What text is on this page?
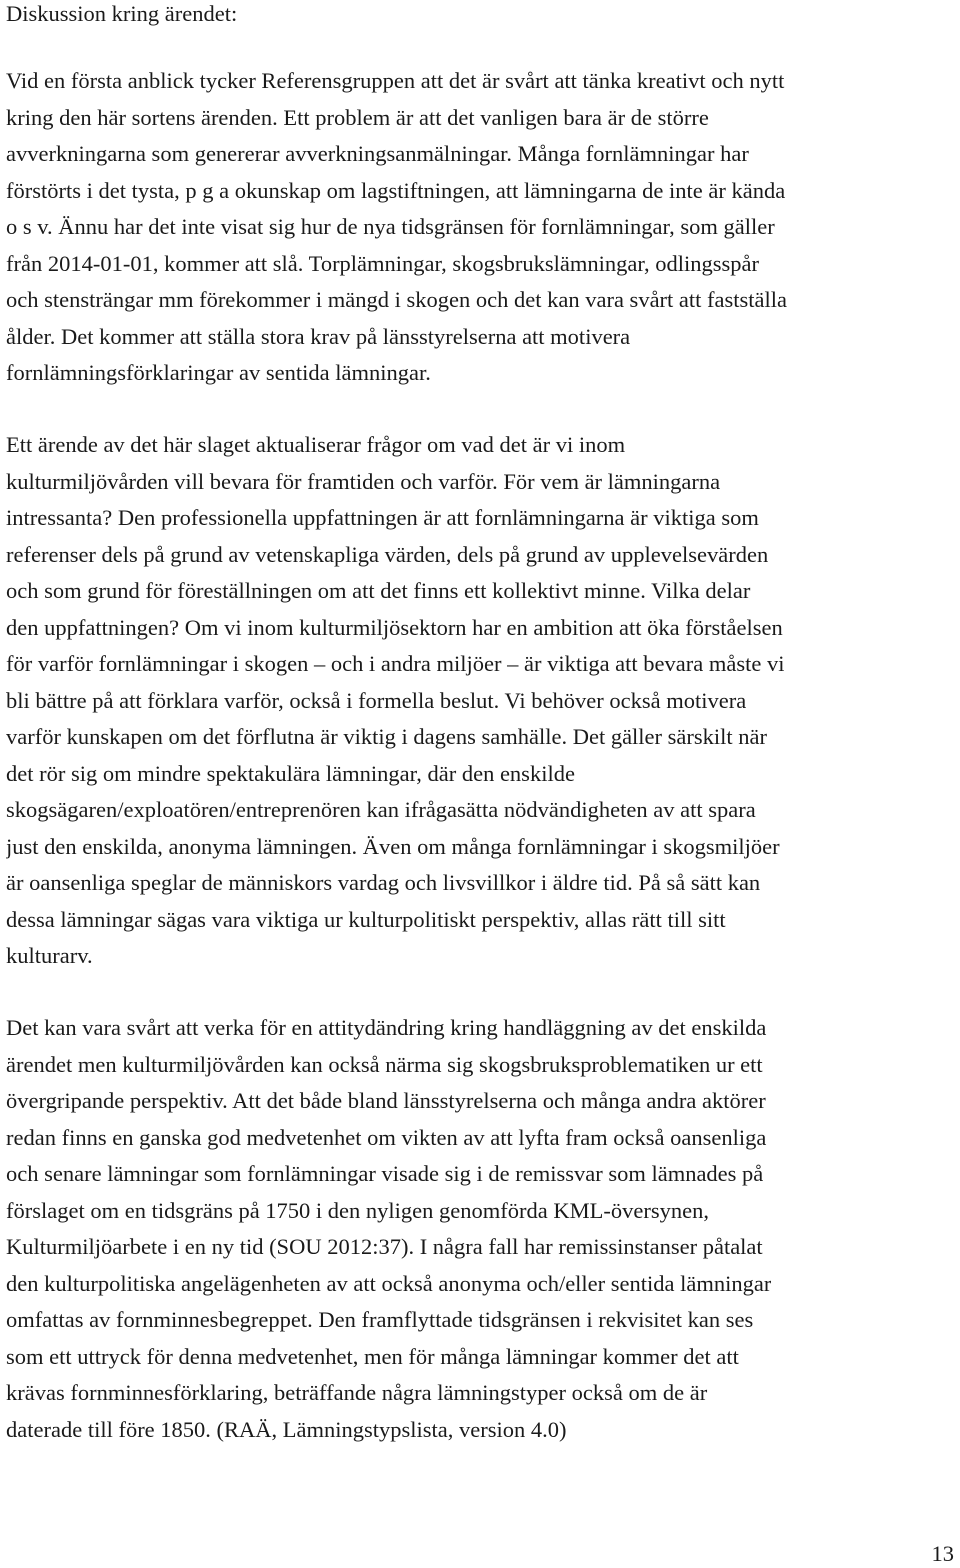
Diskussion kring ärendet:
Vid en första anblick tycker Referensgruppen att det är svårt att tänka kreativt och nytt
kring den här sortens ärenden. Ett problem är att det vanligen bara är de större
avverkningarna som genererar avverkningsanmälningar. Många fornlämningar har
förstörts i det tysta, p g a okunskap om lagstiftningen, att lämningarna de inte är kända
o s v. Ännu har det inte visat sig hur de nya tidsgränsen för fornlämningar, som gäller
från 2014-01-01, kommer att slå. Torplämningar, skogsbrukslämningar, odlingsspår
och stensträngar mm förekommer i mängd i skogen och det kan vara svårt att fastställa
ålder. Det kommer att ställa stora krav på länsstyrelserna att motivera
fornlämningsförklaringar av sentida lämningar.
Ett ärende av det här slaget aktualiserar frågor om vad det är vi inom
kulturmiljövården vill bevara för framtiden och varför. För vem är lämningarna
intressanta? Den professionella uppfattningen är att fornlämningarna är viktiga som
referenser dels på grund av vetenskapliga värden, dels på grund av upplevelsevärden
och som grund för föreställningen om att det finns ett kollektivt minne. Vilka delar
den uppfattningen? Om vi inom kulturmiljösektorn har en ambition att öka förståelsen
för varför fornlämningar i skogen – och i andra miljöer – är viktiga att bevara måste vi
bli bättre på att förklara varför, också i formella beslut. Vi behöver också motivera
varför kunskapen om det förflutna är viktig i dagens samhälle. Det gäller särskilt när
det rör sig om mindre spektakulära lämningar, där den enskilde
skogsägaren/exploatören/entreprenören kan ifrågasätta nödvändigheten av att spara
just den enskilda, anonyma lämningen. Även om många fornlämningar i skogsmiljöer
är oansenliga speglar de människors vardag och livsvillkor i äldre tid. På så sätt kan
dessa lämningar sägas vara viktiga ur kulturpolitiskt perspektiv, allas rätt till sitt
kulturarv.
Det kan vara svårt att verka för en attitydändring kring handläggning av det enskilda
ärendet men kulturmiljövården kan också närma sig skogsbruksproblematiken ur ett
övergripande perspektiv. Att det både bland länsstyrelserna och många andra aktörer
redan finns en ganska god medvetenhet om vikten av att lyfta fram också oansenliga
och senare lämningar som fornlämningar visade sig i de remissvar som lämnades på
förslaget om en tidsgräns på 1750 i den nyligen genomförda KML-översynen,
Kulturmiljöarbete i en ny tid (SOU 2012:37). I några fall har remissinstanser påtalat
den kulturpolitiska angelägenheten av att också anonyma och/eller sentida lämningar
omfattas av fornminnesbegreppet. Den framflyttade tidsgränsen i rekvisitet kan ses
som ett uttryck för denna medvetenhet, men för många lämningar kommer det att
krävas fornminnesförklaring, beträffande några lämningstyper också om de är
daterade till före 1850. (RAÄ, Lämningstypslista, version 4.0)
13
